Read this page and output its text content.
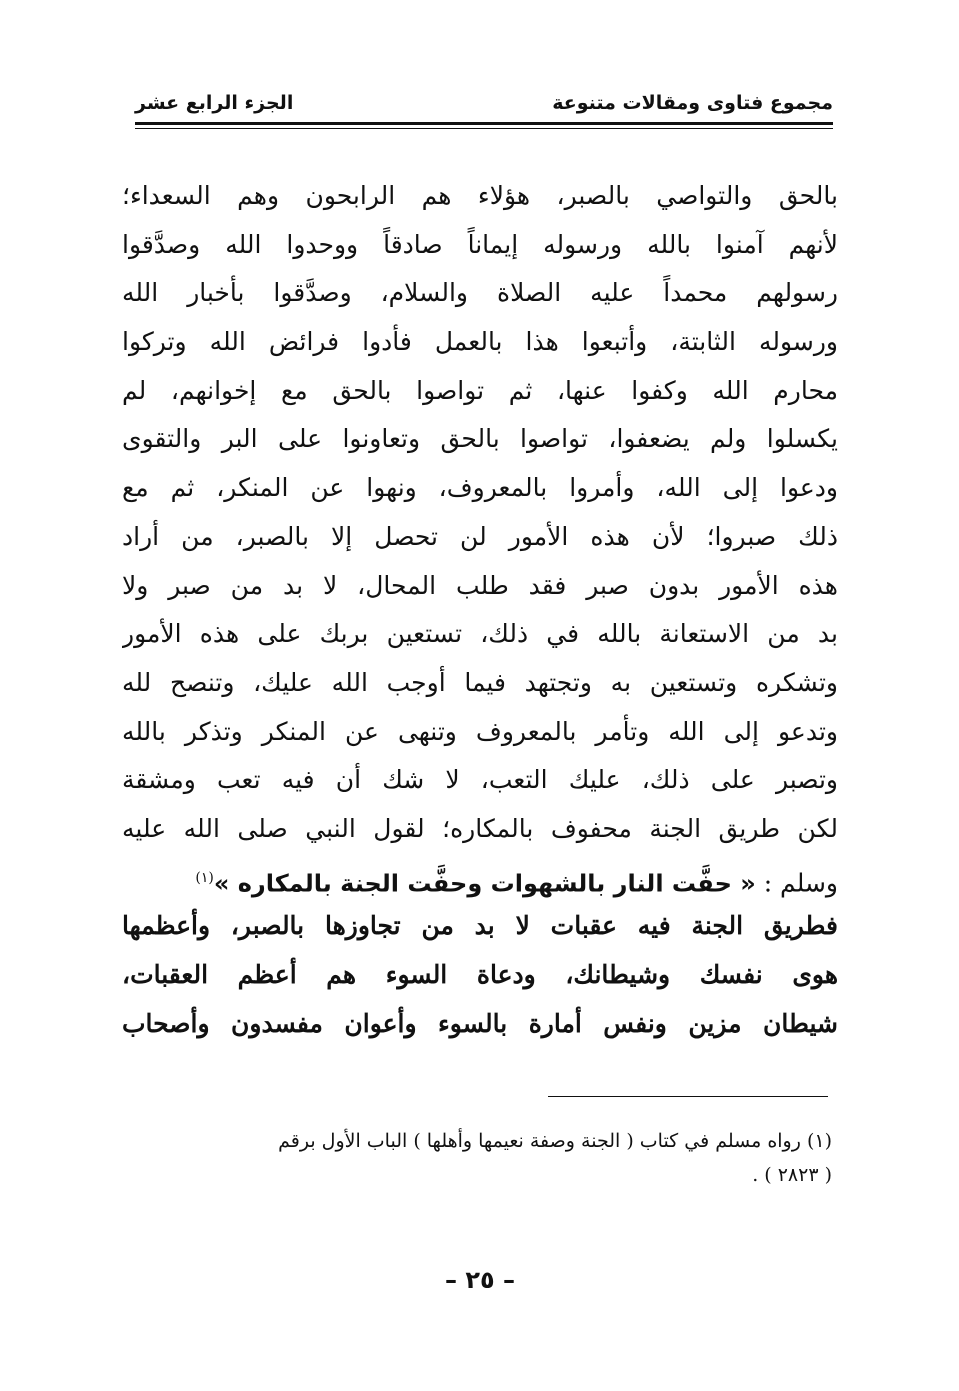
مجموع فتاوى ومقالات متنوعة
الجزء الرابع عشر
بالحق والتواصي بالصبر، هؤلاء هم الرابحون وهم السعداء؛
لأنهم آمنوا بالله ورسوله إيماناً صادقاً ووحدوا الله وصدَّقوا
رسولهم محمداً عليه الصلاة والسلام، وصدَّقوا بأخبار الله
ورسوله الثابتة، وأتبعوا هذا بالعمل فأدوا فرائض الله وتركوا
محارم الله وكفوا عنها، ثم تواصوا بالحق مع إخوانهم، لم
يكسلوا ولم يضعفوا، تواصوا بالحق وتعاونوا على البر والتقوى
ودعوا إلى الله، وأمروا بالمعروف، ونهوا عن المنكر، ثم مع
ذلك صبروا؛ لأن هذه الأمور لن تحصل إلا بالصبر، من أراد
هذه الأمور بدون صبر فقد طلب المحال، لا بد من صبر ولا
بد من الاستعانة بالله في ذلك، تستعين بربك على هذه الأمور
وتشكره وتستعين به وتجتهد فيما أوجب الله عليك، وتنصح لله
وتدعو إلى الله وتأمر بالمعروف وتنهى عن المنكر وتذكر بالله
وتصبر على ذلك، عليك التعب، لا شك أن فيه تعب ومشقة
لكن طريق الجنة محفوف بالمكاره؛ لقول النبي صلى الله عليه
وسلم : « حفَّت النار بالشهوات وحفَّت الجنة بالمكاره »$^{(١)}$
فطريق الجنة فيه عقبات لا بد من تجاوزها بالصبر، وأعظمها
هوى نفسك وشيطانك، ودعاة السوء هم أعظم العقبات،
شيطان مزين ونفس أمارة بالسوء وأعوان مفسدون وأصحاب
(١) رواه مسلم في كتاب ( الجنة وصفة نعيمها وأهلها ) الباب الأول برقم
( ٢٨٢٣ ) .
– ٢٥ –
